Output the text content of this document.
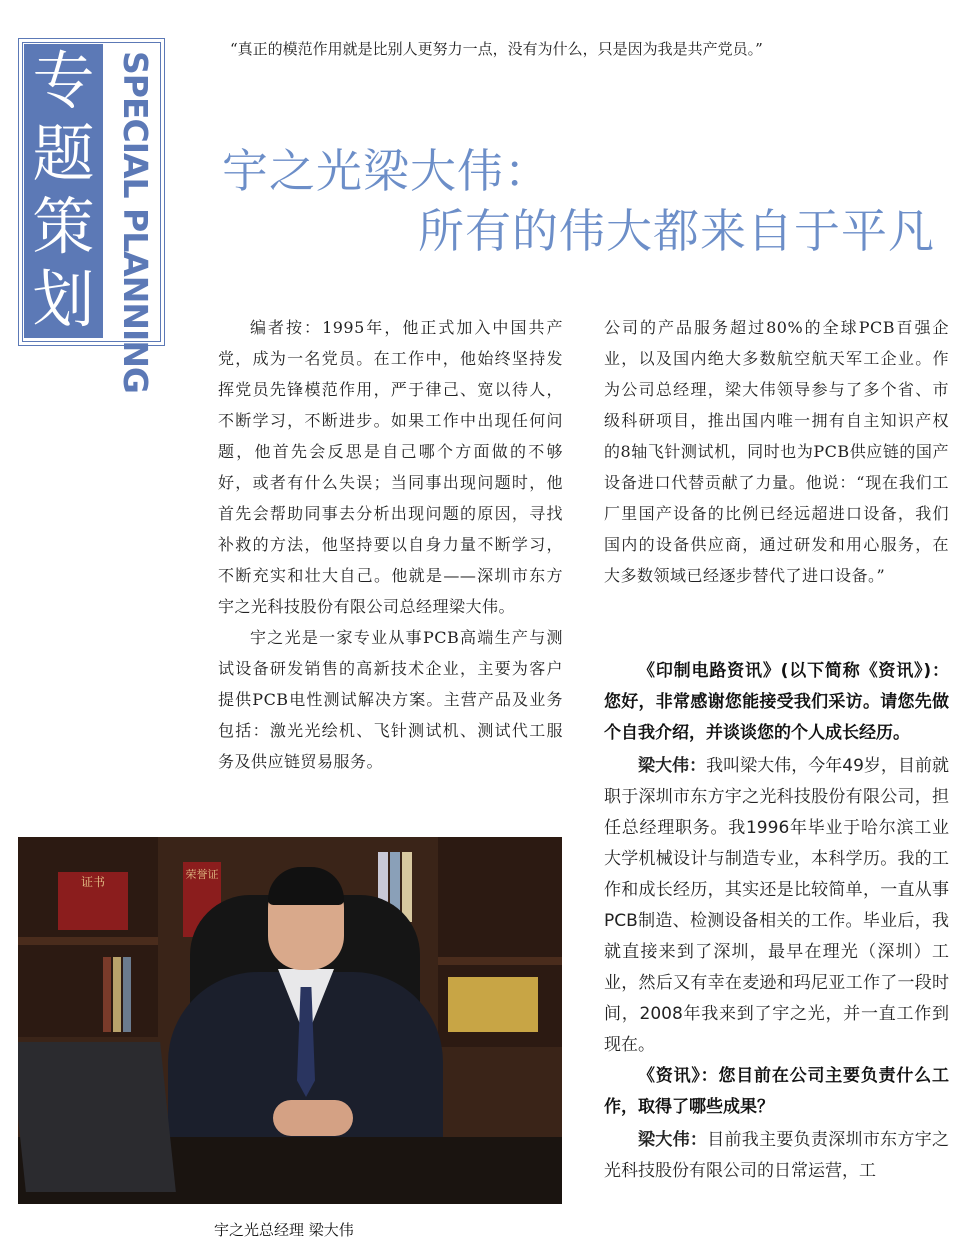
专
题
策
划 SPECIAL PLANNING
“真正的模范作用就是比别人更努力一点，没有为什么，只是因为我是共产党员。”
宇之光梁大伟：
所有的伟大都来自于平凡

编者按：1995年，他正式加入中国共产党，成为一名党员。在工作中，他始终坚持发挥党员先锋模范作用，严于律己、宽以待人，不断学习，不断进步。如果工作中出现任何问题，他首先会反思是自己哪个方面做的不够好，或者有什么失误；当同事出现问题时，他首先会帮助同事去分析出现问题的原因，寻找补救的方法，他坚持要以自身力量不断学习，不断充实和壮大自己。他就是——深圳市东方宇之光科技股份有限公司总经理梁大伟。

宇之光是一家专业从事PCB高端生产与测试设备研发销售的高新技术企业，主要为客户提供PCB电性测试解决方案。主营产品及业务包括：激光光绘机、飞针测试机、测试代工服务及供应链贸易服务。

公司的产品服务超过80%的全球PCB百强企业，以及国内绝大多数航空航天军工企业。作为公司总经理，梁大伟领导参与了多个省、市级科研项目，推出国内唯一拥有自主知识产权的8轴飞针测试机，同时也为PCB供应链的国产设备进口代替贡献了力量。他说：“现在我们工厂里国产设备的比例已经远超进口设备，我们国内的设备供应商，通过研发和用心服务，在大多数领域已经逐步替代了进口设备。”

《印制电路资讯》(以下简称《资讯》)：您好，非常感谢您能接受我们采访。请您先做个自我介绍，并谈谈您的个人成长经历。

梁大伟：我叫梁大伟，今年49岁，目前就职于深圳市东方宇之光科技股份有限公司，担任总经理职务。我1996年毕业于哈尔滨工业大学机械设计与制造专业，本科学历。我的工作和成长经历，其实还是比较简单，一直从事PCB制造、检测设备相关的工作。毕业后，我就直接来到了深圳，最早在理光（深圳）工业，然后又有幸在麦逊和玛尼亚工作了一段时间，2008年我来到了宇之光，并一直工作到现在。

《资讯》：您目前在公司主要负责什么工作，取得了哪些成果？

梁大伟：目前我主要负责深圳市东方宇之光科技股份有限公司的日常运营，工

证书
荣誉证
宇之光总经理 梁大伟
